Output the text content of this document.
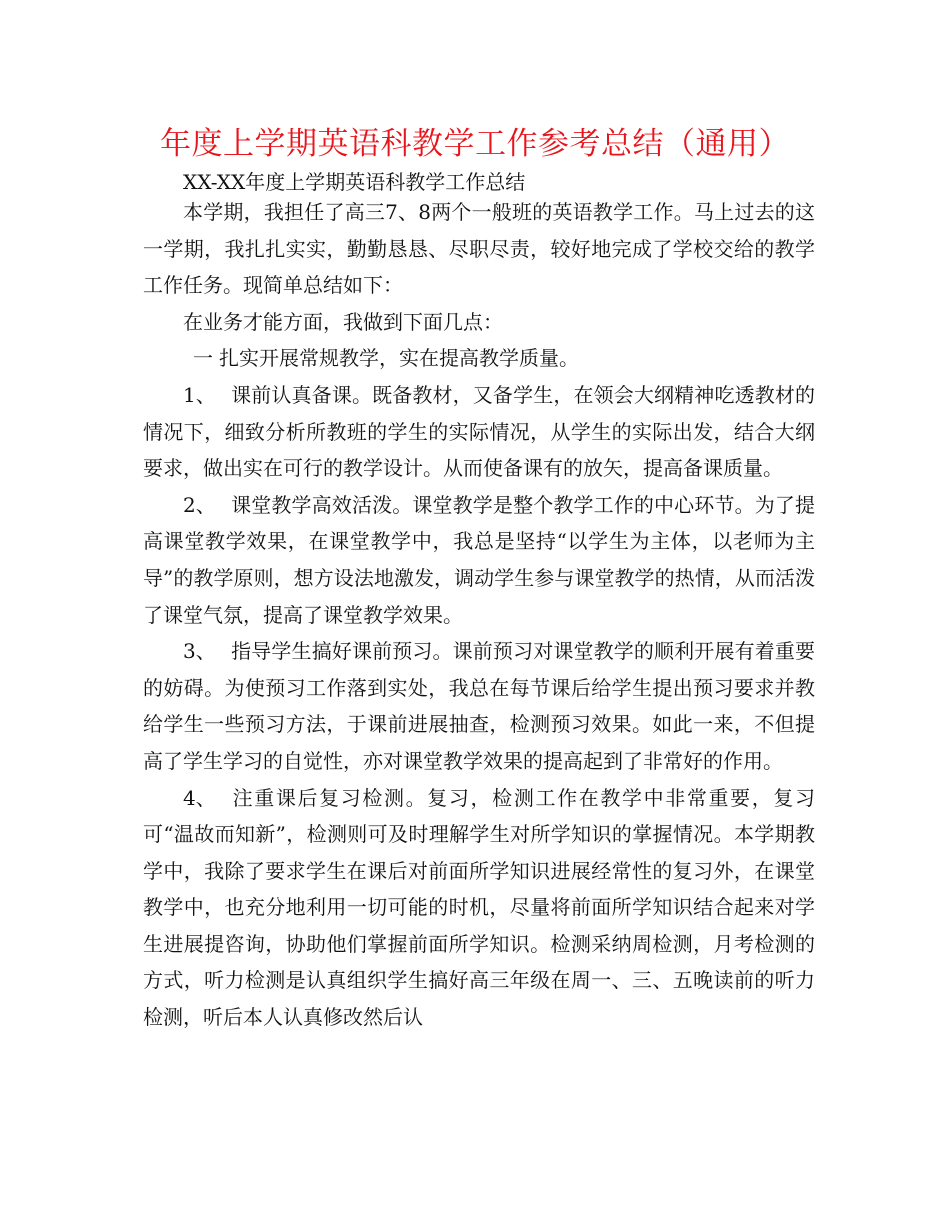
年度上学期英语科教学工作参考总结（通用）
XX-XX年度上学期英语科教学工作总结

本学期，我担任了高三7、8两个一般班的英语教学工作。马上过去的这一学期，我扎扎实实，勤勤恳恳、尽职尽责，较好地完成了学校交给的教学工作任务。现简单总结如下：

在业务才能方面，我做到下面几点：

一 扎实开展常规教学，实在提高教学质量。

1、 课前认真备课。既备教材，又备学生，在领会大纲精神吃透教材的情况下，细致分析所教班的学生的实际情况，从学生的实际出发，结合大纲要求，做出实在可行的教学设计。从而使备课有的放矢，提高备课质量。

2、 课堂教学高效活泼。课堂教学是整个教学工作的中心环节。为了提高课堂教学效果，在课堂教学中，我总是坚持“以学生为主体，以老师为主导”的教学原则，想方设法地激发，调动学生参与课堂教学的热情，从而活泼了课堂气氛，提高了课堂教学效果。

3、 指导学生搞好课前预习。课前预习对课堂教学的顺利开展有着重要的妨碍。为使预习工作落到实处，我总在每节课后给学生提出预习要求并教给学生一些预习方法，于课前进展抽查，检测预习效果。如此一来，不但提高了学生学习的自觉性，亦对课堂教学效果的提高起到了非常好的作用。

4、 注重课后复习检测。复习，检测工作在教学中非常重要，复习可“温故而知新”，检测则可及时理解学生对所学知识的掌握情况。本学期教学中，我除了要求学生在课后对前面所学知识进展经常性的复习外，在课堂教学中，也充分地利用一切可能的时机，尽量将前面所学知识结合起来对学生进展提咨询，协助他们掌握前面所学知识。检测采纳周检测，月考检测的方式，听力检测是认真组织学生搞好高三年级在周一、三、五晚读前的听力检测，听后本人认真修改然后认
